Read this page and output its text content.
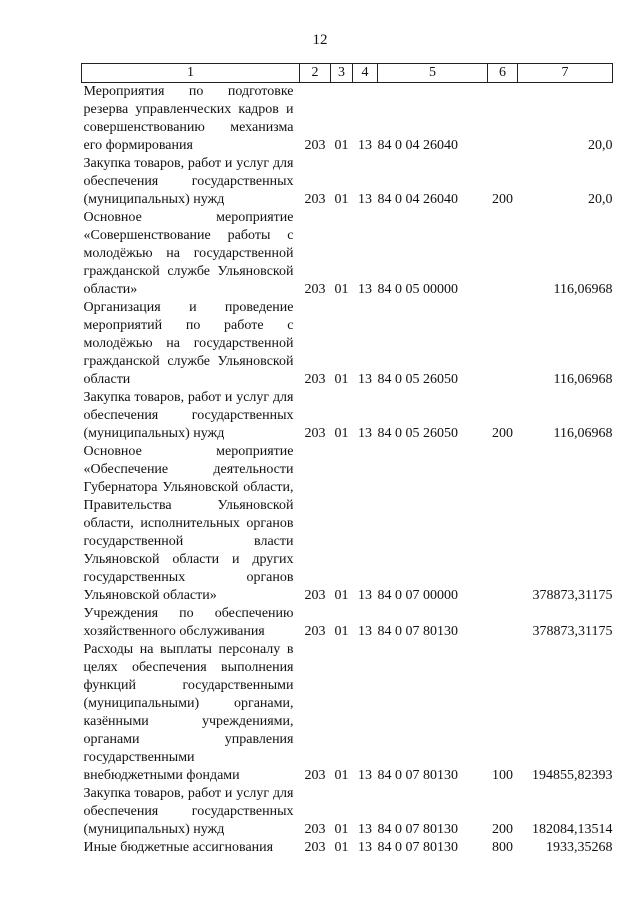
12
1	2	3	4	5	6	7
Мероприятия по подготовке резерва управленческих кадров и совершенствованию механизма его формирования	203	01	13	84 0 04 26040		20,0
Закупка товаров, работ и услуг для обеспечения государственных (муниципальных) нужд	203	01	13	84 0 04 26040	200	20,0
Основное мероприятие «Совершенствование работы с молодёжью на государственной гражданской службе Ульяновской области»	203	01	13	84 0 05 00000		116,06968
Организация и проведение мероприятий по работе с молодёжью на государственной гражданской службе Ульяновской области	203	01	13	84 0 05 26050		116,06968
Закупка товаров, работ и услуг для обеспечения государственных (муниципальных) нужд	203	01	13	84 0 05 26050	200	116,06968
Основное мероприятие «Обеспечение деятельности Губернатора Ульяновской области, Правительства Ульяновской области, исполнительных органов государственной власти Ульяновской области и других государственных органов Ульяновской области»	203	01	13	84 0 07 00000		378873,31175
Учреждения по обеспечению хозяйственного обслуживания	203	01	13	84 0 07 80130		378873,31175
Расходы на выплаты персоналу в целях обеспечения выполнения функций государственными (муниципальными) органами, казёнными учреждениями, органами управления государственными внебюджетными фондами	203	01	13	84 0 07 80130	100	194855,82393
Закупка товаров, работ и услуг для обеспечения государственных (муниципальных) нужд	203	01	13	84 0 07 80130	200	182084,13514
Иные бюджетные ассигнования	203	01	13	84 0 07 80130	800	1933,35268
